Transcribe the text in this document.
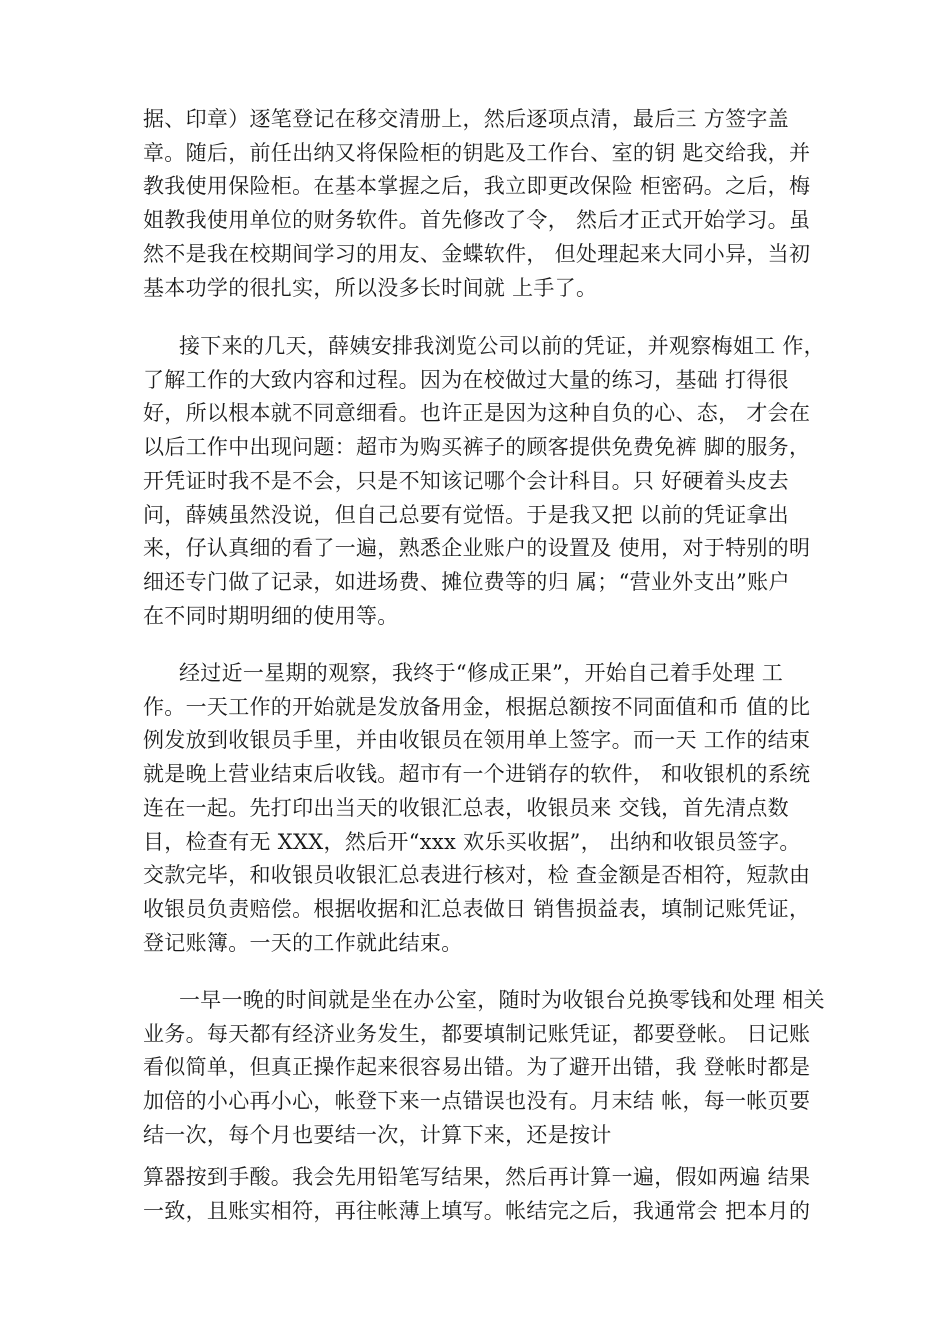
据、印章）逐笔登记在移交清册上，然后逐项点清，最后三 方签字盖
章。随后，前任出纳又将保险柜的钥匙及工作台、室的钥 匙交给我，并
教我使用保险柜。在基本掌握之后，我立即更改保险 柜密码。之后，梅
姐教我使用单位的财务软件。首先修改了令， 然后才正式开始学习。虽
然不是我在校期间学习的用友、金蝶软件， 但处理起来大同小异，当初
基本功学的很扎实，所以没多长时间就 上手了。
接下来的几天，薛姨安排我浏览公司以前的凭证，并观察梅姐工 作，
了解工作的大致内容和过程。因为在校做过大量的练习，基础 打得很
好，所以根本就不同意细看。也许正是因为这种自负的心、态， 才会在
以后工作中出现问题：超市为购买裤子的顾客提供免费免裤 脚的服务，
开凭证时我不是不会，只是不知该记哪个会计科目。只 好硬着头皮去
问，薛姨虽然没说，但自己总要有觉悟。于是我又把 以前的凭证拿出
来，仔认真细的看了一遍，熟悉企业账户的设置及 使用，对于特别的明
细还专门做了记录，如进场费、摊位费等的归 属；“营业外支出”账户
在不同时期明细的使用等。
经过近一星期的观察，我终于“修成正果”，开始自己着手处理 工
作。一天工作的开始就是发放备用金，根据总额按不同面值和币 值的比
例发放到收银员手里，并由收银员在领用单上签字。而一天 工作的结束
就是晚上营业结束后收钱。超市有一个进销存的软件， 和收银机的系统
连在一起。先打印出当天的收银汇总表，收银员来 交钱，首先清点数
目，检查有无 XXX，然后开“xxx 欢乐买收据”， 出纳和收银员签字。
交款完毕，和收银员收银汇总表进行核对，检 查金额是否相符，短款由
收银员负责赔偿。根据收据和汇总表做日 销售损益表，填制记账凭证，
登记账簿。一天的工作就此结束。
一早一晚的时间就是坐在办公室，随时为收银台兑换零钱和处理 相关
业务。每天都有经济业务发生，都要填制记账凭证，都要登帐。 日记账
看似简单，但真正操作起来很容易出错。为了避开出错，我 登帐时都是
加倍的小心再小心，帐登下来一点错误也没有。月末结 帐，每一帐页要
结一次，每个月也要结一次，计算下来，还是按计
算器按到手酸。我会先用铅笔写结果，然后再计算一遍，假如两遍 结果
一致，且账实相符，再往帐薄上填写。帐结完之后，我通常会 把本月的
